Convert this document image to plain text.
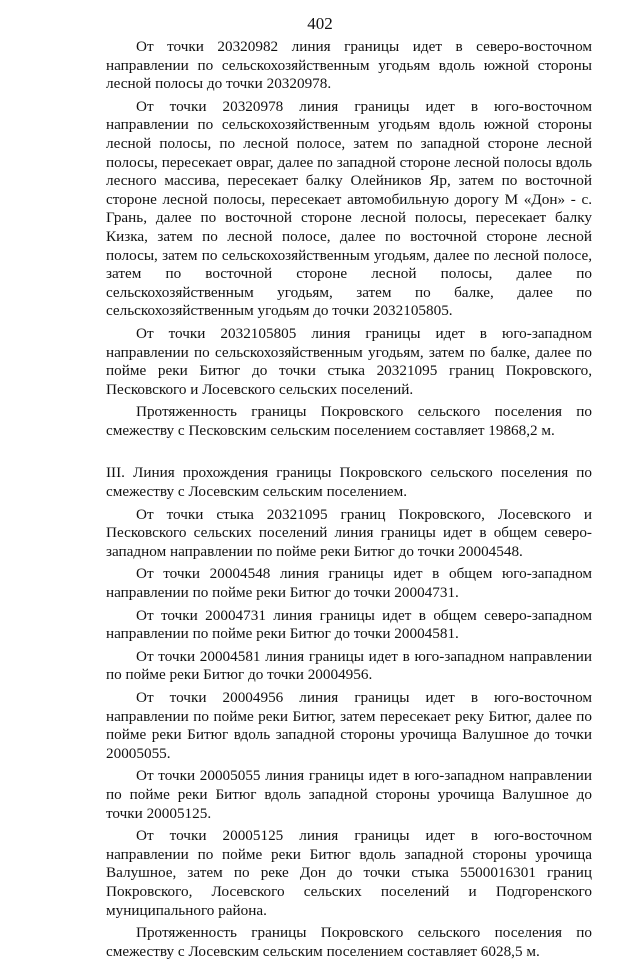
402

От точки 20320982 линия границы идет в северо-восточном направлении по сельскохозяйственным угодьям вдоль южной стороны лесной полосы до точки 20320978.

От точки 20320978 линия границы идет в юго-восточном направлении по сельскохозяйственным угодьям вдоль южной стороны лесной полосы, по лесной полосе, затем по западной стороне лесной полосы, пересекает овраг, далее по западной стороне лесной полосы вдоль лесного массива, пересекает балку Олейников Яр, затем по восточной стороне лесной полосы, пересекает автомобильную дорогу М «Дон» - с. Грань, далее по восточной стороне лесной полосы, пересекает балку Кизка, затем по лесной полосе, далее по восточной стороне лесной полосы, затем по сельскохозяйственным угодьям, далее по лесной полосе, затем по восточной стороне лесной полосы, далее по сельскохозяйственным угодьям, затем по балке, далее по сельскохозяйственным угодьям до точки 2032105805.

От точки 2032105805 линия границы идет в юго-западном направлении по сельскохозяйственным угодьям, затем по балке, далее по пойме реки Битюг до точки стыка 20321095 границ Покровского, Песковского и Лосевского сельских поселений.

Протяженность границы Покровского сельского поселения по смежеству с Песковским сельским поселением составляет 19868,2 м.

III. Линия прохождения границы Покровского сельского поселения по смежеству с Лосевским сельским поселением.

От точки стыка 20321095 границ Покровского, Лосевского и Песковского сельских поселений линия границы идет в общем северо-западном направлении по пойме реки Битюг до точки 20004548.

От точки 20004548 линия границы идет в общем юго-западном направлении по пойме реки Битюг до точки 20004731.

От точки 20004731 линия границы идет в общем северо-западном направлении по пойме реки Битюг до точки 20004581.

От точки 20004581 линия границы идет в юго-западном направлении по пойме реки Битюг до точки 20004956.

От точки 20004956 линия границы идет в юго-восточном направлении по пойме реки Битюг, затем пересекает реку Битюг, далее по пойме реки Битюг вдоль западной стороны урочища Валушное до точки 20005055.

От точки 20005055 линия границы идет в юго-западном направлении по пойме реки Битюг вдоль западной стороны урочища Валушное до точки 20005125.

От точки 20005125 линия границы идет в юго-восточном направлении по пойме реки Битюг вдоль западной стороны урочища Валушное, затем по реке Дон до точки стыка 5500016301 границ Покровского, Лосевского сельских поселений и Подгоренского муниципального района.

Протяженность границы Покровского сельского поселения по смежеству с Лосевским сельским поселением составляет 6028,5 м.
